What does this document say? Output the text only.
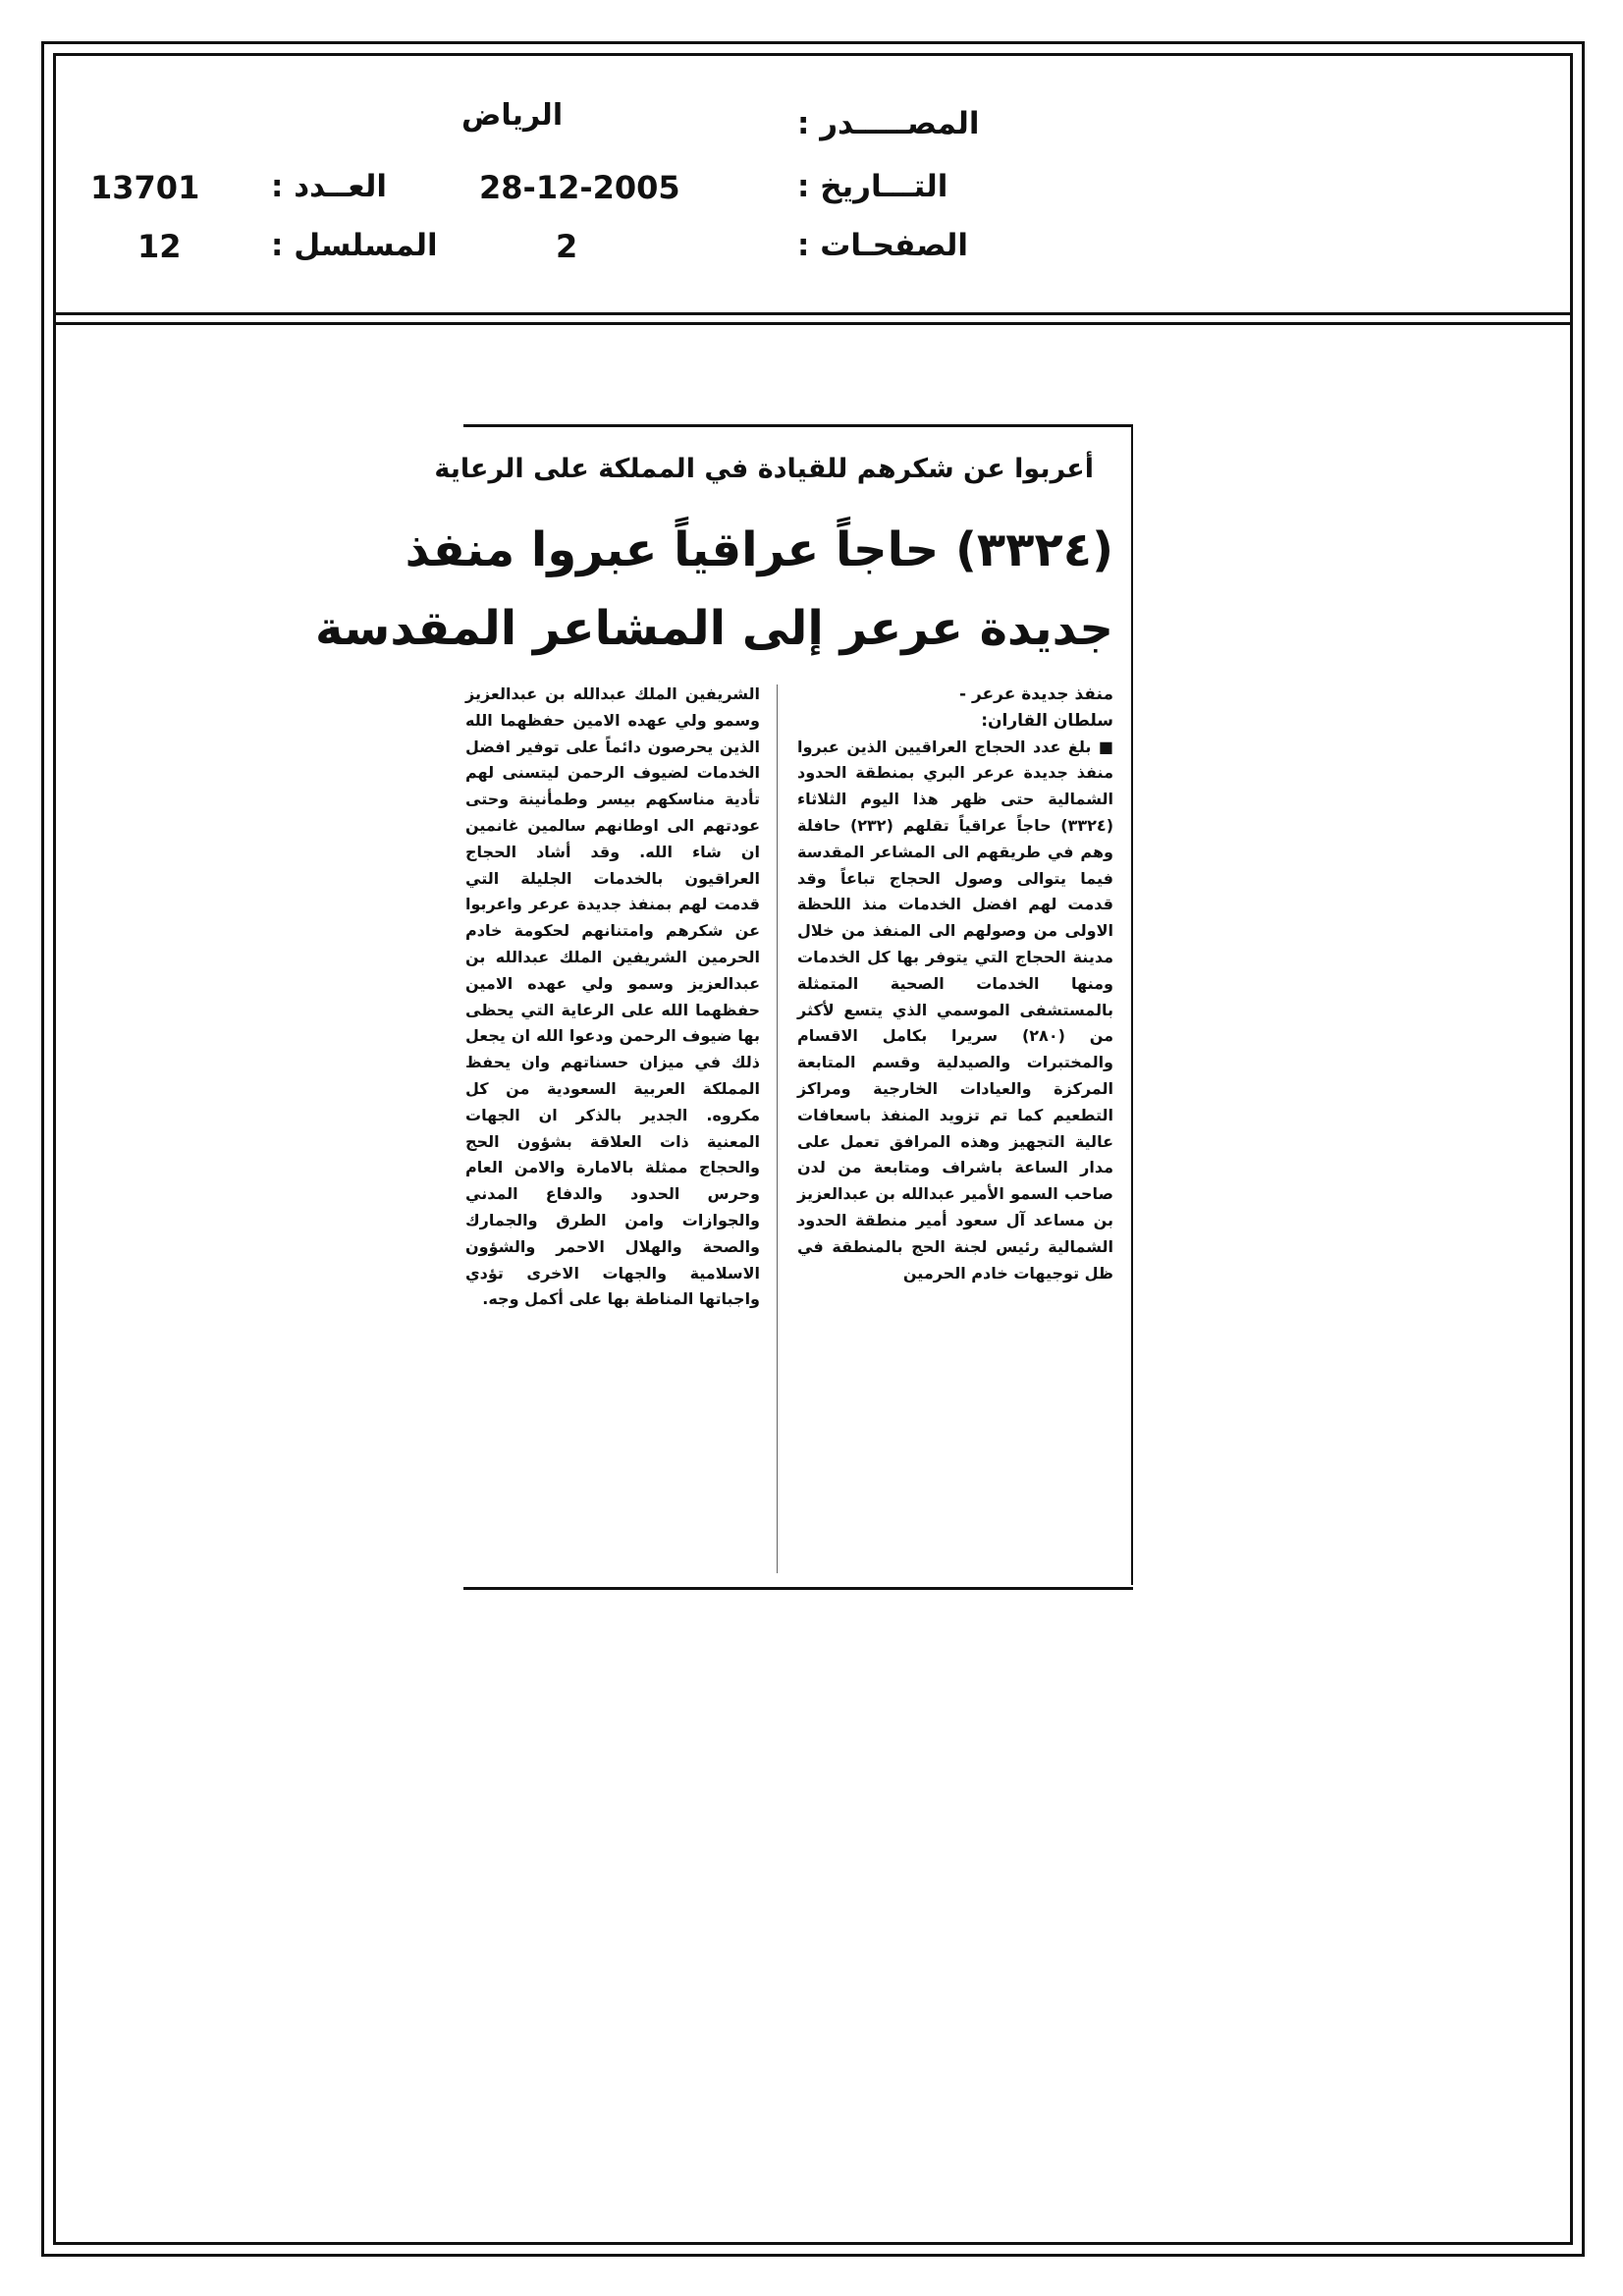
المصـــــدر :
الرياض
التـــاريخ :
28-12-2005
العــدد :
13701
الصفحـات :
2
المسلسل :
12
أعربوا عن شكرهم للقيادة في المملكة على الرعاية
(٣٣٢٤) حاجاً عراقياً عبروا منفذ
جديدة عرعر إلى المشاعر المقدسة
منفذ جديدة عرعر -
سلطان القاران:
■ بلغ عدد الحجاج العراقيين الذين عبروا منفذ جديدة عرعر البري بمنطقة الحدود الشمالية حتى ظهر هذا اليوم الثلاثاء (٣٣٢٤) حاجاً عراقياً تقلهم (٢٣٢) حافلة وهم في طريقهم الى المشاعر المقدسة فيما يتوالى وصول الحجاج تباعاً وقد قدمت لهم افضل الخدمات منذ اللحظة الاولى من وصولهم الى المنفذ من خلال مدينة الحجاج التي يتوفر بها كل الخدمات ومنها الخدمات الصحية المتمثلة بالمستشفى الموسمي الذي يتسع لأكثر من (٢٨٠) سريرا بكامل الاقسام والمختبرات والصيدلية وقسم المتابعة المركزة والعيادات الخارجية ومراكز التطعيم كما تم تزويد المنفذ باسعافات عالية التجهيز وهذه المرافق تعمل على مدار الساعة باشراف ومتابعة من لدن صاحب السمو الأمير عبدالله بن عبدالعزيز بن مساعد آل سعود أمير منطقة الحدود الشمالية رئيس لجنة الحج بالمنطقة في ظل توجيهات خادم الحرمين
الشريفين الملك عبدالله بن عبدالعزيز وسمو ولي عهده الامين حفظهما الله الذين يحرصون دائماً على توفير افضل الخدمات لضيوف الرحمن ليتسنى لهم تأدية مناسكهم بيسر وطمأنينة وحتى عودتهم الى اوطانهم سالمين غانمين ان شاء الله. وقد أشاد الحجاج العراقيون بالخدمات الجليلة التي قدمت لهم بمنفذ جديدة عرعر واعربوا عن شكرهم وامتنانهم لحكومة خادم الحرمين الشريفين الملك عبدالله بن عبدالعزيز وسمو ولي عهده الامين حفظهما الله على الرعاية التي يحظى بها ضيوف الرحمن ودعوا الله ان يجعل ذلك في ميزان حسناتهم وان يحفظ المملكة العربية السعودية من كل مكروه. الجدير بالذكر ان الجهات المعنية ذات العلاقة بشؤون الحج والحجاج ممثلة بالامارة والامن العام وحرس الحدود والدفاع المدني والجوازات وامن الطرق والجمارك والصحة والهلال الاحمر والشؤون الاسلامية والجهات الاخرى تؤدي واجباتها المناطة بها على أكمل وجه.
